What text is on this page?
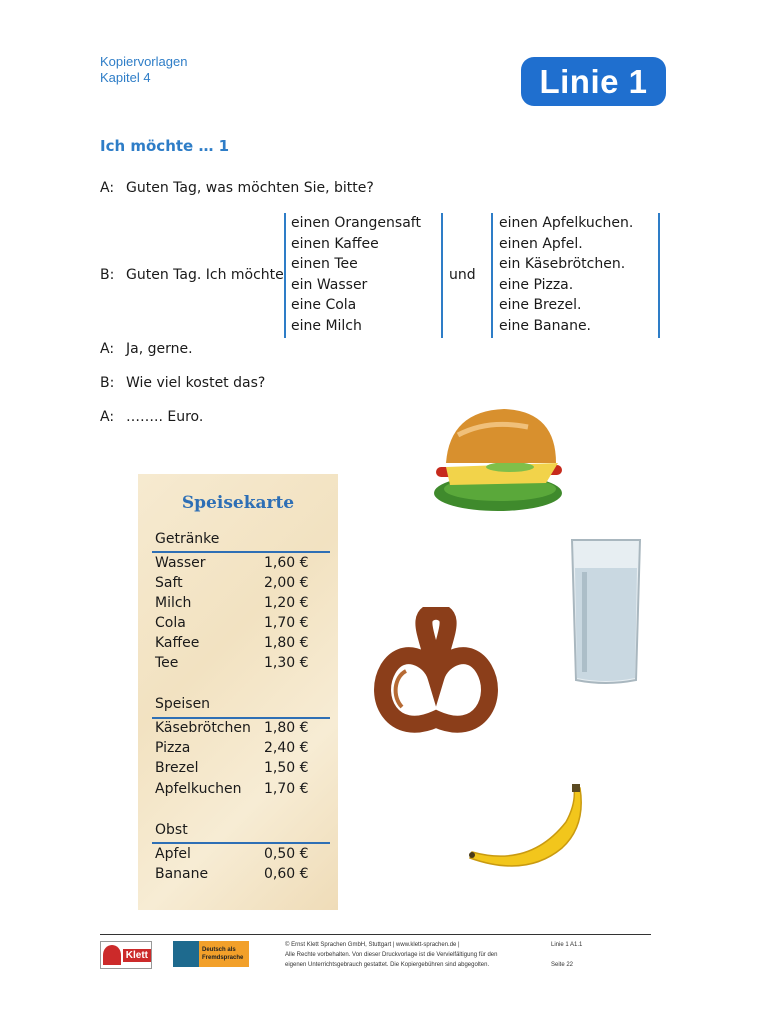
Kopiervorlagen
Kapitel 4	Linie 1
Ich möchte … 1
A: Guten Tag, was möchten Sie, bitte?
B: Guten Tag. Ich möchte
einen Orangensaft
einen Kaffee
einen Tee
ein Wasser
eine Cola
eine Milch
und
einen Apfelkuchen.
einen Apfel.
ein Käsebrötchen.
eine Pizza.
eine Brezel.
eine Banane.
A: Ja, gerne.
B: Wie viel kostet das?
A: …….. Euro.
Speisekarte
Getränke
Wasser	1,60 €
Saft	2,00 €
Milch	1,20 €
Cola	1,70 €
Kaffee	1,80 €
Tee	1,30 €
Speisen
Käsebrötchen 1,80 €
Pizza	2,40 €
Brezel	1,50 €
Apfelkuchen 1,70 €
Obst
Apfel	0,50 €
Banane	0,60 €
Klett	Deutsch als
Fremdsprache
© Ernst Klett Sprachen GmbH, Stuttgart | www.klett-sprachen.de |
Alle Rechte vorbehalten. Von dieser Druckvorlage ist die Vervielfältigung für den
eigenen Unterrichtsgebrauch gestattet. Die Kopiergebühren sind abgegolten.
Linie 1 A1.1
Seite 22
